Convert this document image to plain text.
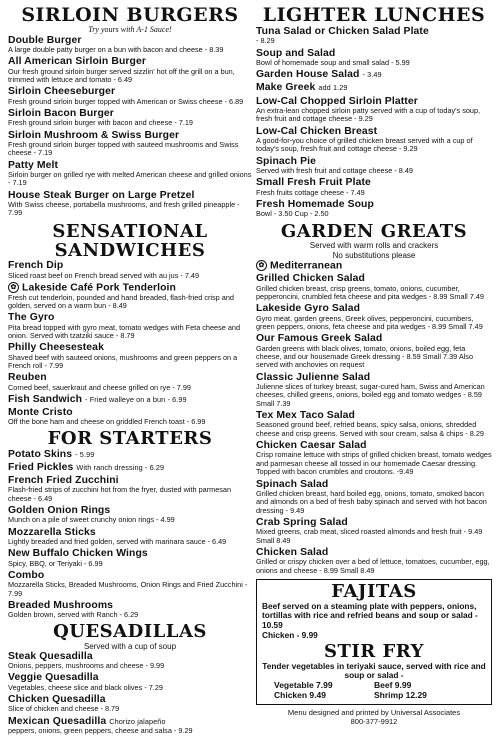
SIRLOIN BURGERS

Try yours with A-1 Sauce!

Double Burger
A large double patty burger on a bun with bacon and cheese - 8.39
All American Sirloin Burger
Our fresh ground sirloin burger served sizzlin' hot off the grill on a bun, trimmed with lettuce and tomato - 6.49
Sirloin Cheeseburger
Fresh ground sirloin burger topped with American or Swiss cheese - 6.89
Sirloin Bacon Burger
Fresh ground sirloin burger with bacon and cheese - 7.19
Sirloin Mushroom & Swiss Burger
Fresh ground sirloin burger topped with sauteed mushrooms and Swiss cheese - 7.19
Patty Melt
Sirloin burger on grilled rye with melted American cheese and grilled onions - 7.19
House Steak Burger on Large Pretzel
With Swiss cheese, portabella mushrooms, and fresh grilled pineapple - 7.99
SENSATIONAL
SANDWICHES
French Dip
Sliced roast beef on French bread served with au jus - 7.49
✿ Lakeside Café Pork Tenderloin
Fresh cut tenderloin, pounded and hand breaded, flash-fried crisp and golden, served on a warm bun - 8.49
The Gyro
Pita bread topped with gyro meat, tomato wedges with Feta cheese and onion. Served with tzatziki sauce - 8.79
Philly Cheesesteak
Shaved beef with sauteed onions, mushrooms and green peppers on a French roll - 7.99
Reuben
Corned beef, sauerkraut and cheese grilled on rye - 7.99
Fish Sandwich - Fried walleye on a bun - 6.99
Monte Cristo
Off the bone ham and cheese on griddled French toast - 6.99
FOR STARTERS
Potato Skins - 5.99
Fried Pickles With ranch dressing - 6.29
French Fried Zucchini
Flash-fried strips of zucchini hot from the fryer, dusted with parmesan cheese - 6.49
Golden Onion Rings
Munch on a pile of sweet crunchy onion rings - 4.99
Mozzarella Sticks
Lightly breaded and fried golden, served with marinara sauce - 6.49
New Buffalo Chicken Wings
Spicy, BBQ, or Teriyaki - 6.99
Combo
Mozzarella Sticks, Breaded Mushrooms, Onion Rings and Fried Zucchini - 7.99
Breaded Mushrooms
Golden brown, served with Ranch - 6.29
QUESADILLAS

Served with a cup of soup

Steak Quesadilla
Onions, peppers, mushrooms and cheese - 9.99
Veggie Quesadilla
Vegetables, cheese slice and black olives - 7.29
Chicken Quesadilla
Slice of chicken and cheese - 8.79
Mexican Quesadilla Chorizo jalapeño
peppers, onions, green peppers, cheese and salsa - 9.29
LIGHTER LUNCHES
Tuna Salad or Chicken Salad Plate
- 8.29
Soup and Salad
Bowl of homemade soup and small salad - 5.99
Garden House Salad - 3.49
Make Greek add 1.29
Low-Cal Chopped Sirloin Platter
An extra-lean chopped sirloin patty served with a cup of today's soup, fresh fruit and cottage cheese - 9.29
Low-Cal Chicken Breast
A good-for-you choice of grilled chicken breast served with a cup of today's soup, fresh fruit and cottage cheese - 9.29
Spinach Pie
Served with fresh fruit and cottage cheese - 8.49
Small Fresh Fruit Plate
Fresh fruits cottage cheese - 7.49
Fresh Homemade Soup
Bowl - 3.50 Cup - 2.50
GARDEN GREATS

Served with warm rolls and crackers

No substitutions please

✿ Mediterranean
Grilled Chicken Salad
Grilled chicken breast, crisp greens, tomato, onions, cucumber, pepperoncini, crumbled feta cheese and pita wedges - 8.99 Small 7.49
Lakeside Gyro Salad
Gyro meat, garden greens, Greek olives, pepperoncini, cucumbers, green peppers, onions, feta cheese and pita wedges - 8.99 Small 7.49
Our Famous Greek Salad
Garden greens with black olives, tomato, onions, boiled egg, feta cheese, and our housemade Greek dressing - 8.59 Small 7.39 Also served with anchovies on request
Classic Julienne Salad
Julienne slices of turkey breast, sugar-cured ham, Swiss and American cheeses, chilled greens, onions, boiled egg and tomato wedges - 8.59 Small 7.39
Tex Mex Taco Salad
Seasoned ground beef, refried beans, spicy salsa, onions, shredded cheese and crisp greens. Served with sour cream, salsa & chips - 8.29
Chicken Caesar Salad
Crisp romaine lettuce with strips of grilled chicken breast, tomato wedges and parmesan cheese all tossed in our homemade Caesar dressing. Topped with bacon crumbles and croutons. -9.49
Spinach Salad
Grilled chicken breast, hard boiled egg, onions, tomato, smoked bacon and almonds on a bed of fresh baby spinach and served with hot bacon dressing - 9.49
Crab Spring Salad
Mixed greens, crab meat, sliced roasted almonds and fresh fruit - 9.49 Small 8.49
Chicken Salad
Grilled or crispy chicken over a bed of lettuce, tomatoes, cucumber, egg, onions and cheese - 8.99 Small 8.49
FAJITAS
Beef served on a steaming plate with peppers, onions, tortillas with rice and refried beans and soup or salad - 10.59
Chicken - 9.99
STIR FRY
Tender vegetables in teriyaki sauce, served with rice and soup or salad -
Vegetable 7.99	Beef 9.99
Chicken 9.49	Shrimp 12.29
Menu designed and printed by Universal Associates
800-377-9912
